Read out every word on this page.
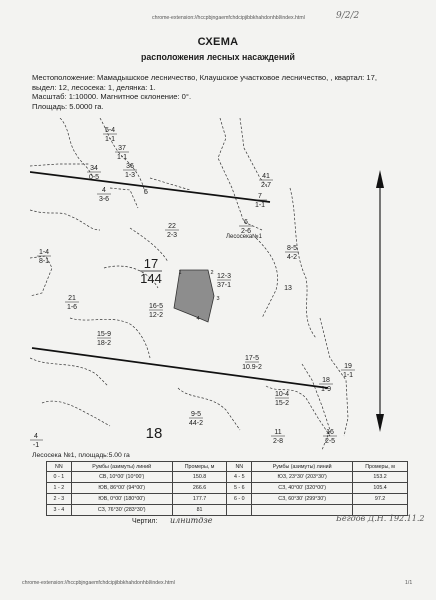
chrome-extension://hccpbjngaemfchdcipjibbkhahdonhbl/index.html	9/2/2
СХЕМА
расположения лесных насаждений
Местоположение: Мамадышское лесничество, Клаушское участковое лесничество, , квартал: 17,
выдел: 12, лесосека: 1, делянка: 1.
Масштаб: 1:10000. Магнитное склонение: 0°.
Площадь: 5.0000 га.
17
144
18
Лесосека№1
1	2
3
4
5-4
1-1
37
1-1
36
1-3
34
0-5
4
3-6
5
41
2-7
7
1-1
6
2-6
22
2-3
8-5
4-2
1-4
8-1
12-3
37-1
21
1-6
13
16-5
12-2
15-9
18-2
17-5
10.9-2	19
1-1
18
1-9
10-4
15-2
9-5
44-2
4
-1
11
2-8
16
2-5
Лесосека №1, площадь:5.00 га
NN	Румбы (азимуты) линий	Промеры, м	NN	Румбы (азимуты) линий	Промеры, м
0 - 1	СВ, 10°00' (10°00')	150.8	4 - 5	ЮЗ, 23°30' (203°30')	153.2
1 - 2	ЮВ, 86°00' (94°00')	266.6	5 - 6	СЗ, 40°00' (320°00')	105.4
2 - 3	ЮВ, 0°00' (180°00')	177.7	6 - 0	СЗ, 60°30' (299°30')	97.2
3 - 4	СЗ, 76°30' (283°30')	81			
Чертил: илнитдзе	Бегдов Д.Н. 192.11.2
chrome-extension://hccpbjngaemfchdcipjibbkhahdonhbl/index.html	1/1
